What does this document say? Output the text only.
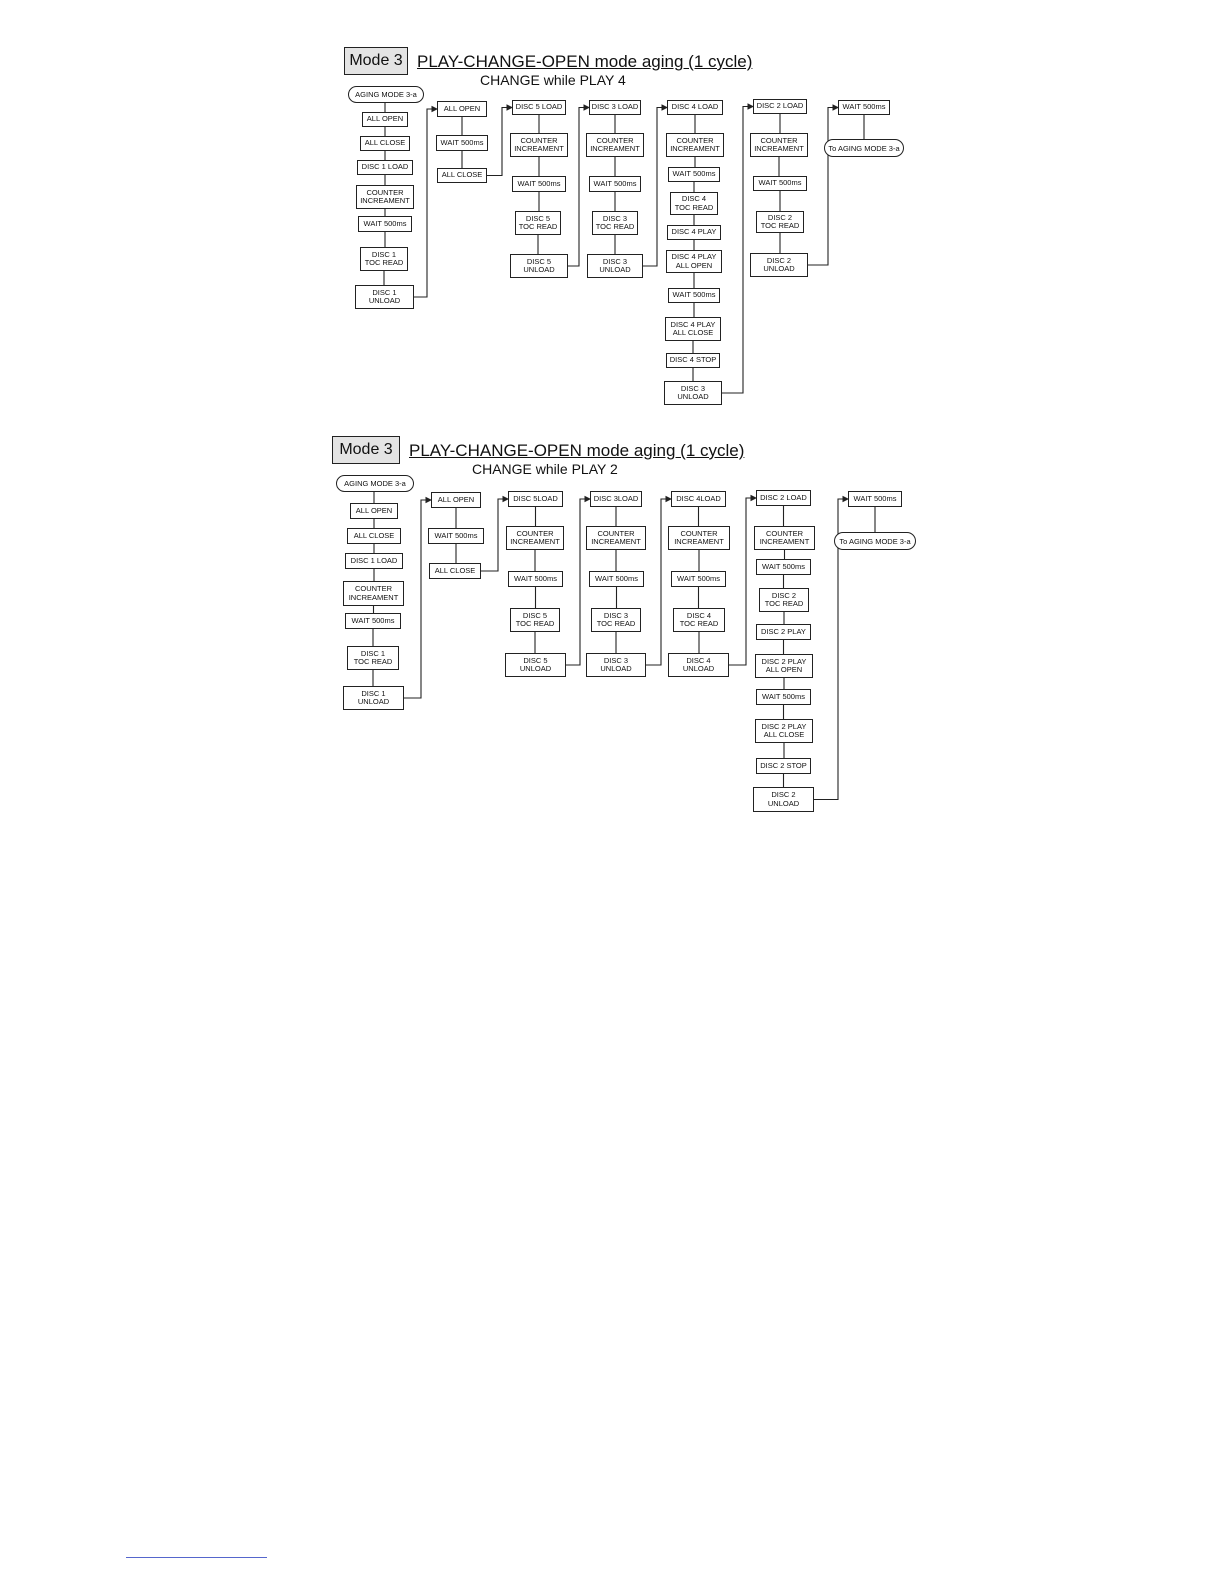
Mode 3 PLAY-CHANGE-OPEN mode aging (1 cycle)
CHANGE while PLAY 4
AGING MODE 3-a
ALL OPEN
ALL CLOSE
DISC 1 LOAD
COUNTER
INCREAMENT
WAIT 500ms
DISC 1
TOC READ
DISC 1
UNLOAD
ALL OPEN
WAIT 500ms
ALL CLOSE
DISC 5 LOAD
COUNTER
INCREAMENT
WAIT 500ms
DISC 5
TOC READ
DISC 5
UNLOAD
DISC 3 LOAD
COUNTER
INCREAMENT
WAIT 500ms
DISC 3
TOC READ
DISC 3
UNLOAD
DISC 4 LOAD
COUNTER
INCREAMENT
WAIT 500ms
DISC 4
TOC READ
DISC 4 PLAY
DISC 4 PLAY
ALL OPEN
WAIT 500ms
DISC 4 PLAY
ALL CLOSE
DISC 4 STOP
DISC 3
UNLOAD
DISC 2 LOAD
COUNTER
INCREAMENT
WAIT 500ms
DISC 2
TOC READ
DISC 2
UNLOAD
WAIT 500ms
To AGING MODE 3-a
Mode 3 PLAY-CHANGE-OPEN mode aging (1 cycle)
CHANGE while PLAY 2
AGING MODE 3-a
ALL OPEN
ALL CLOSE
DISC 1 LOAD
COUNTER
INCREAMENT
WAIT 500ms
DISC 1
TOC READ
DISC 1
UNLOAD
ALL OPEN
WAIT 500ms
ALL CLOSE
DISC 5LOAD
COUNTER
INCREAMENT
WAIT 500ms
DISC 5
TOC READ
DISC 5
UNLOAD
DISC 3LOAD
COUNTER
INCREAMENT
WAIT 500ms
DISC 3
TOC READ
DISC 3
UNLOAD
DISC 4LOAD
COUNTER
INCREAMENT
WAIT 500ms
DISC 4
TOC READ
DISC 4
UNLOAD
DISC 2 LOAD
COUNTER
INCREAMENT
WAIT 500ms
DISC 2
TOC READ
DISC 2 PLAY
DISC 2 PLAY
ALL OPEN
WAIT 500ms
DISC 2 PLAY
ALL CLOSE
DISC 2 STOP
DISC 2
UNLOAD
WAIT 500ms
To AGING MODE 3-a
